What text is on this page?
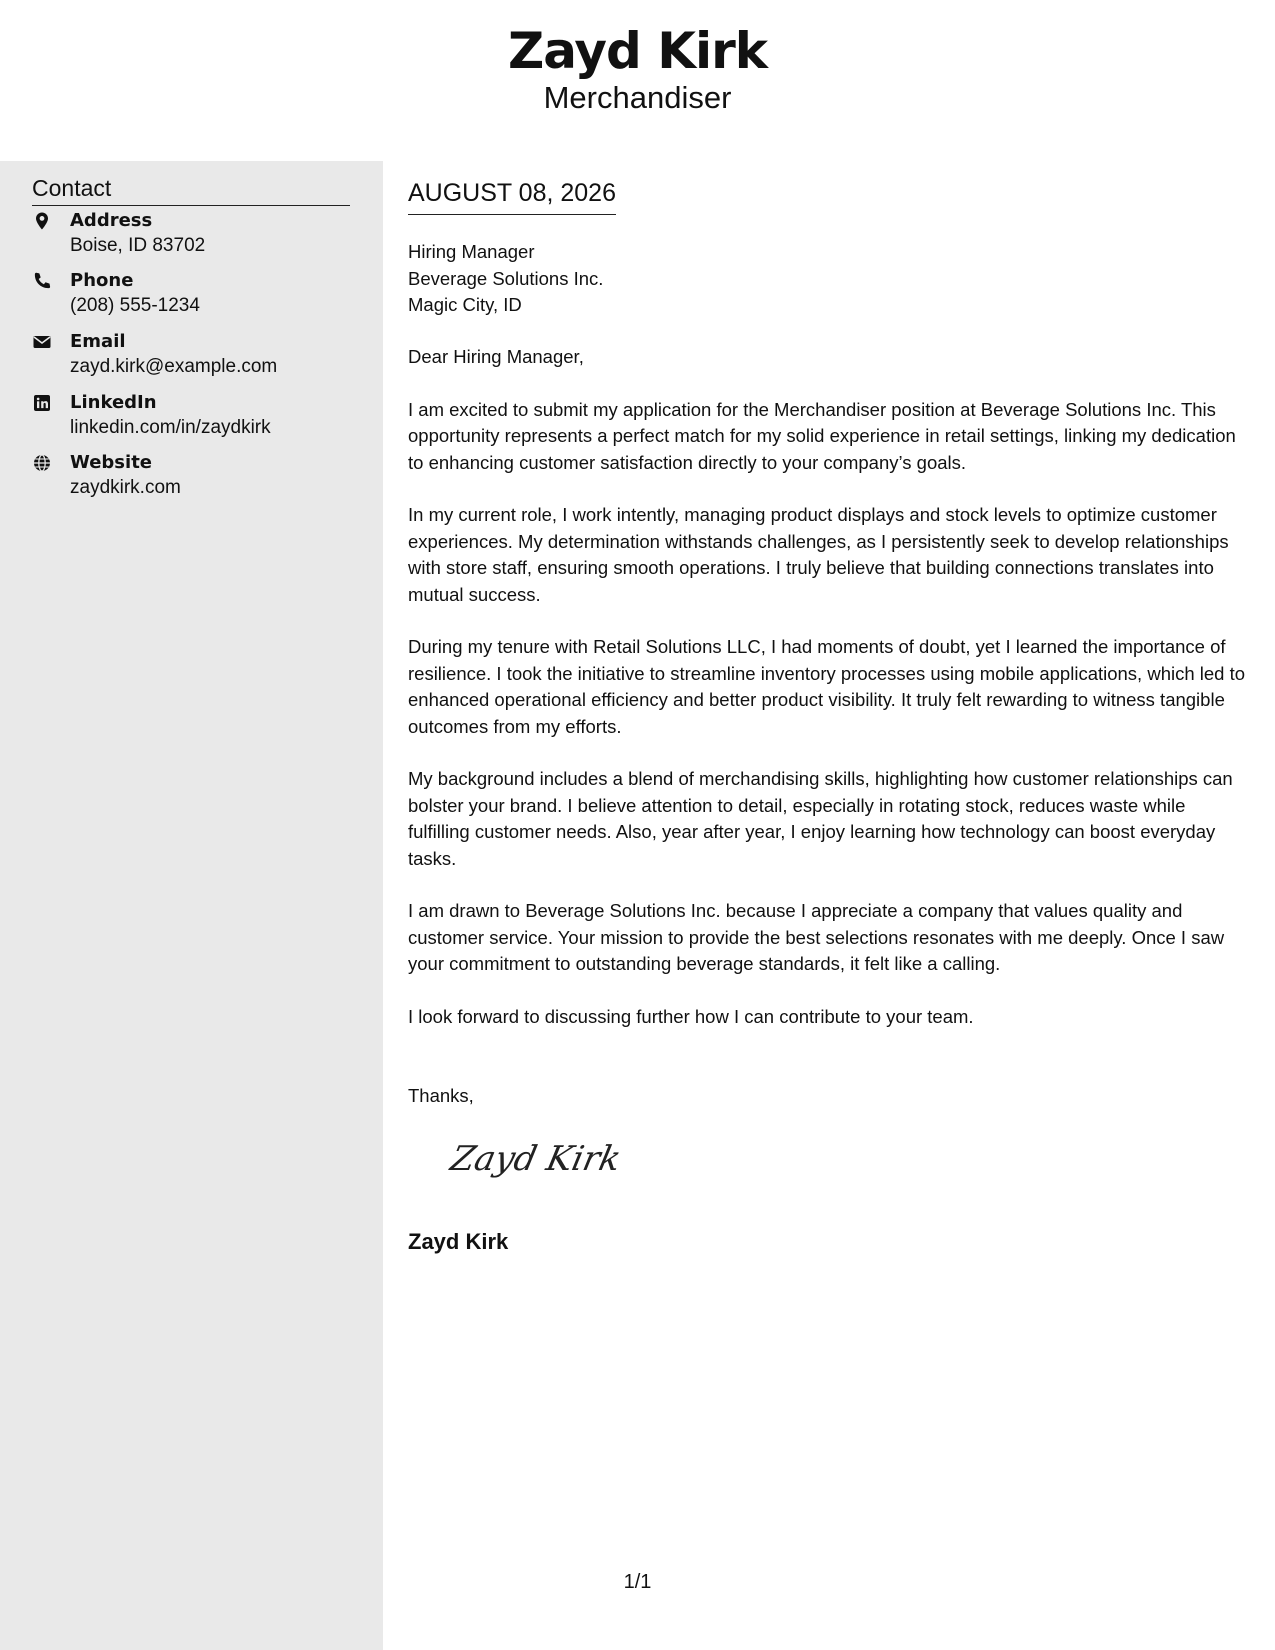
Zayd Kirk
Merchandiser
Contact
Address
Boise, ID 83702
Phone
(208) 555-1234
Email
zayd.kirk@example.com
LinkedIn
linkedin.com/in/zaydkirk
Website
zaydkirk.com
AUGUST 08, 2026
Hiring Manager
Beverage Solutions Inc.
Magic City, ID

Dear Hiring Manager,

I am excited to submit my application for the Merchandiser position at Beverage Solutions Inc. This opportunity represents a perfect match for my solid experience in retail settings, linking my dedication to enhancing customer satisfaction directly to your company’s goals.

In my current role, I work intently, managing product displays and stock levels to optimize customer experiences. My determination withstands challenges, as I persistently seek to develop relationships with store staff, ensuring smooth operations. I truly believe that building connections translates into mutual success.

During my tenure with Retail Solutions LLC, I had moments of doubt, yet I learned the importance of resilience. I took the initiative to streamline inventory processes using mobile applications, which led to enhanced operational efficiency and better product visibility. It truly felt rewarding to witness tangible outcomes from my efforts.

My background includes a blend of merchandising skills, highlighting how customer relationships can bolster your brand. I believe attention to detail, especially in rotating stock, reduces waste while fulfilling customer needs. Also, year after year, I enjoy learning how technology can boost everyday tasks.

I am drawn to Beverage Solutions Inc. because I appreciate a company that values quality and customer service. Your mission to provide the best selections resonates with me deeply. Once I saw your commitment to outstanding beverage standards, it felt like a calling.

I look forward to discussing further how I can contribute to your team.

Thanks,
Zayd Kirk
Zayd Kirk
1/1
